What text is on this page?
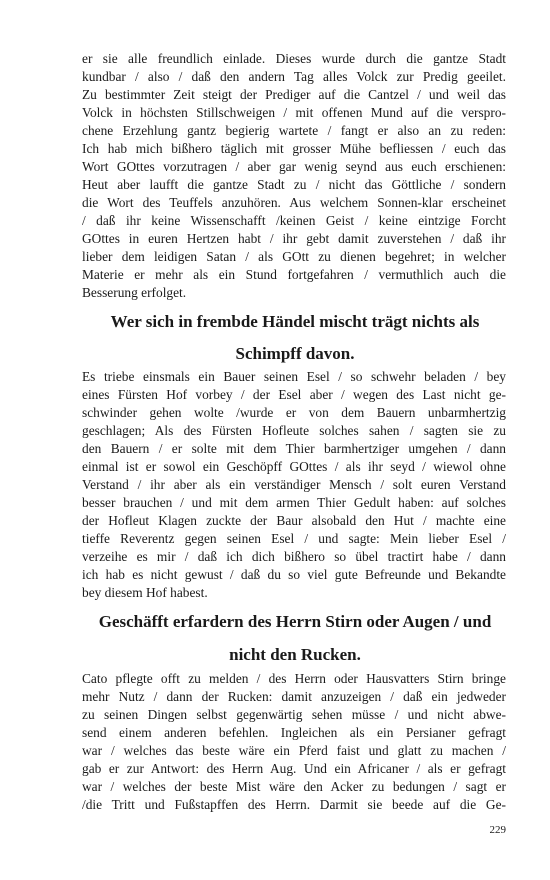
er sie alle freundlich einlade. Dieses wurde durch die gantze Stadt
kundbar / also / daß den andern Tag alles Volck zur Predig geeilet.
Zu bestimmter Zeit steigt der Prediger auf die Cantzel / und weil das
Volck in höchsten Stillschweigen / mit offenen Mund auf die verspro-
chene Erzehlung gantz begierig wartete / fangt er also an zu reden:
Ich hab mich bißhero täglich mit grosser Mühe befliessen / euch das
Wort GOttes vorzutragen / aber gar wenig seynd aus euch erschienen:
Heut aber laufft die gantze Stadt zu / nicht das Göttliche / sondern
die Wort des Teuffels anzuhören. Aus welchem Sonnen-klar erscheinet
/ daß ihr keine Wissenschafft /keinen Geist / keine eintzige Forcht
GOttes in euren Hertzen habt / ihr gebt damit zuverstehen / daß ihr
lieber dem leidigen Satan / als GOtt zu dienen begehret; in welcher
Materie er mehr als ein Stund fortgefahren / vermuthlich auch die
Besserung erfolget.
Wer sich in frembde Händel mischt trägt nichts als
Schimpff davon.
Es triebe einsmals ein Bauer seinen Esel / so schwehr beladen / bey
eines Fürsten Hof vorbey / der Esel aber / wegen des Last nicht ge-
schwinder gehen wolte /wurde er von dem Bauern unbarmhertzig
geschlagen; Als des Fürsten Hofleute solches sahen / sagten sie zu
den Bauern / er solte mit dem Thier barmhertziger umgehen / dann
einmal ist er sowol ein Geschöpff GOttes / als ihr seyd / wiewol ohne
Verstand / ihr aber als ein verständiger Mensch / solt euren Verstand
besser brauchen / und mit dem armen Thier Gedult haben: auf solches
der Hofleut Klagen zuckte der Baur alsobald den Hut / machte eine
tieffe Reverentz gegen seinen Esel / und sagte: Mein lieber Esel /
verzeihe es mir / daß ich dich bißhero so übel tractirt habe / dann
ich hab es nicht gewust / daß du so viel gute Befreunde und Bekandte
bey diesem Hof habest.
Geschäfft erfardern des Herrn Stirn oder Augen / und
nicht den Rucken.
Cato pflegte offt zu melden / des Herrn oder Hausvatters Stirn bringe
mehr Nutz / dann der Rucken: damit anzuzeigen / daß ein jedweder
zu seinen Dingen selbst gegenwärtig sehen müsse / und nicht abwe-
send einem anderen befehlen. Ingleichen als ein Persianer gefragt
war / welches das beste wäre ein Pferd faist und glatt zu machen /
gab er zur Antwort: des Herrn Aug. Und ein Africaner / als er gefragt
war / welches der beste Mist wäre den Acker zu bedungen / sagt er
/die Tritt und Fußstapffen des Herrn. Darmit sie beede auf die Ge-
229
